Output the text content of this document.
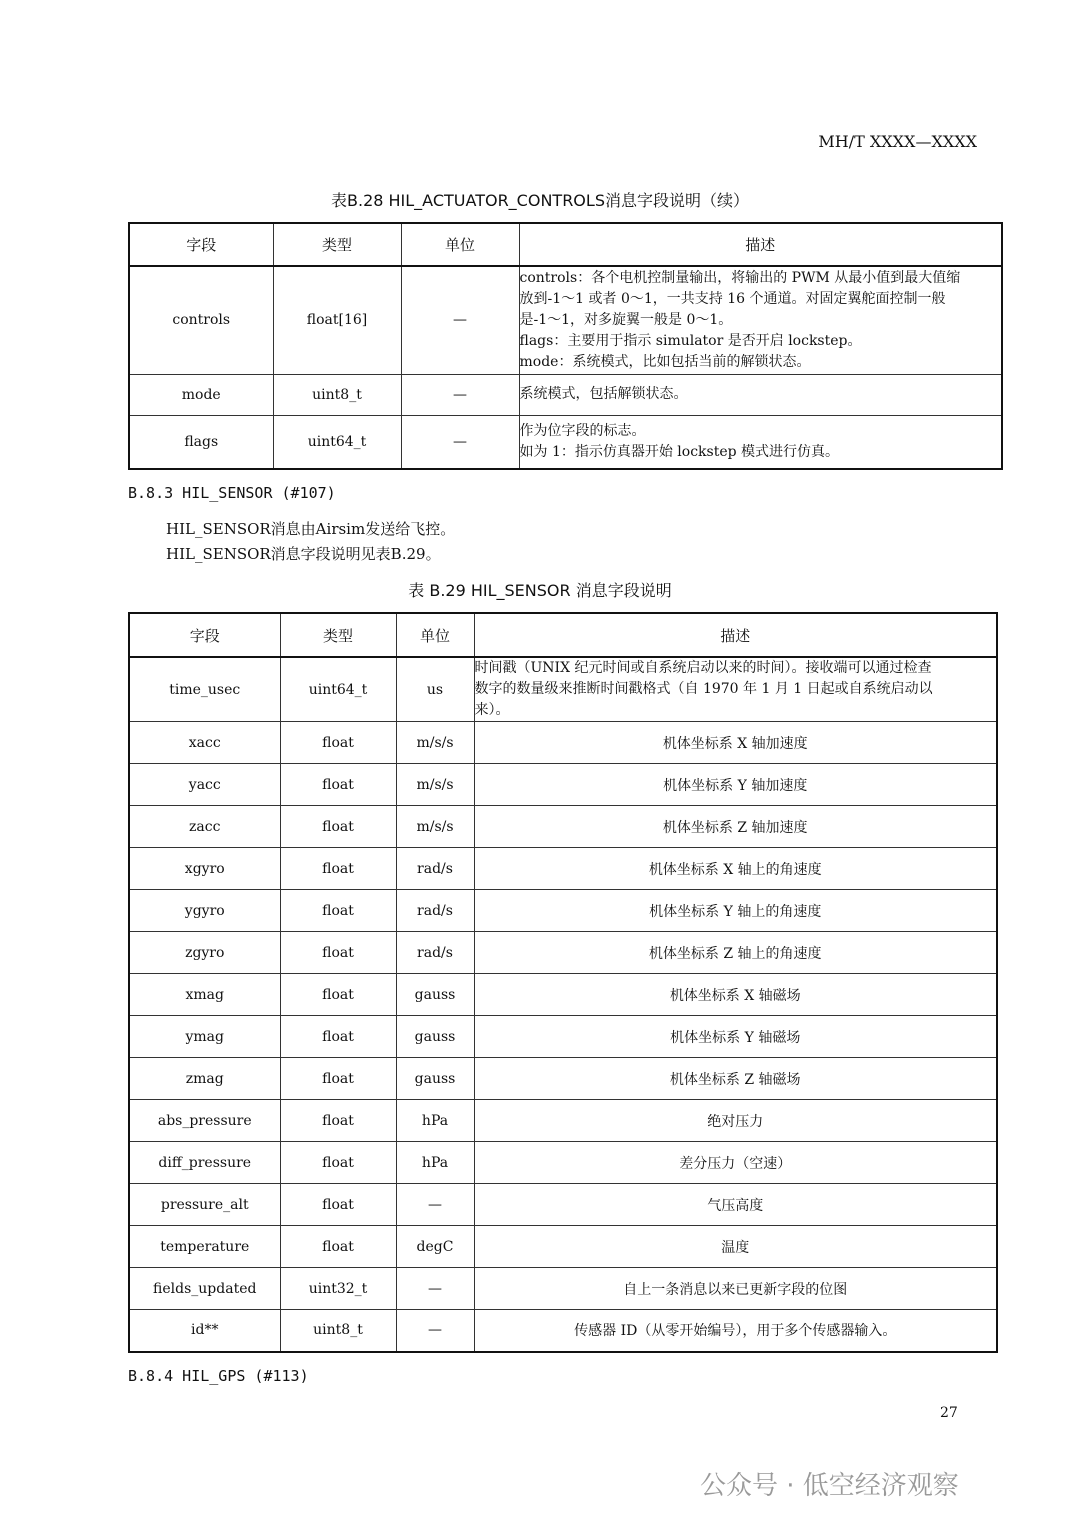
MH/T XXXX—XXXX
表B.28 HIL_ACTUATOR_CONTROLS消息字段说明（续）
字段	类型	单位	描述
controls	float[16]	—	controls：各个电机控制量输出，将输出的 PWM 从最小值到最大值缩
放到-1～1 或者 0～1，一共支持 16 个通道。对固定翼舵面控制一般
是-1～1，对多旋翼一般是 0～1。
flags：主要用于指示 simulator 是否开启 lockstep。
mode：系统模式，比如包括当前的解锁状态。

mode	uint8_t	—	系统模式，包括解锁状态。

flags	uint64_t	—	作为位字段的标志。
如为 1：指示仿真器开始 lockstep 模式进行仿真。
B.8.3 HIL_SENSOR (#107)
HIL_SENSOR消息由Airsim发送给飞控。
HIL_SENSOR消息字段说明见表B.29。
表 B.29 HIL_SENSOR 消息字段说明
字段	类型	单位	描述
time_usec	uint64_t	us	时间戳（UNIX 纪元时间或自系统启动以来的时间）。接收端可以通过检查
数字的数量级来推断时间戳格式（自 1970 年 1 月 1 日起或自系统启动以
来）。

xacc	float	m/s/s	机体坐标系 X 轴加速度

yacc	float	m/s/s	机体坐标系 Y 轴加速度

zacc	float	m/s/s	机体坐标系 Z 轴加速度

xgyro	float	rad/s	机体坐标系 X 轴上的角速度

ygyro	float	rad/s	机体坐标系 Y 轴上的角速度

zgyro	float	rad/s	机体坐标系 Z 轴上的角速度

xmag	float	gauss	机体坐标系 X 轴磁场

ymag	float	gauss	机体坐标系 Y 轴磁场

zmag	float	gauss	机体坐标系 Z 轴磁场

abs_pressure	float	hPa	绝对压力

diff_pressure	float	hPa	差分压力（空速）

pressure_alt	float	—	气压高度

temperature	float	degC	温度

fields_updated	uint32_t	—	自上一条消息以来已更新字段的位图

id**	uint8_t	—	传感器 ID（从零开始编号），用于多个传感器输入。
B.8.4 HIL_GPS (#113)
27
公众号 · 低空经济观察
